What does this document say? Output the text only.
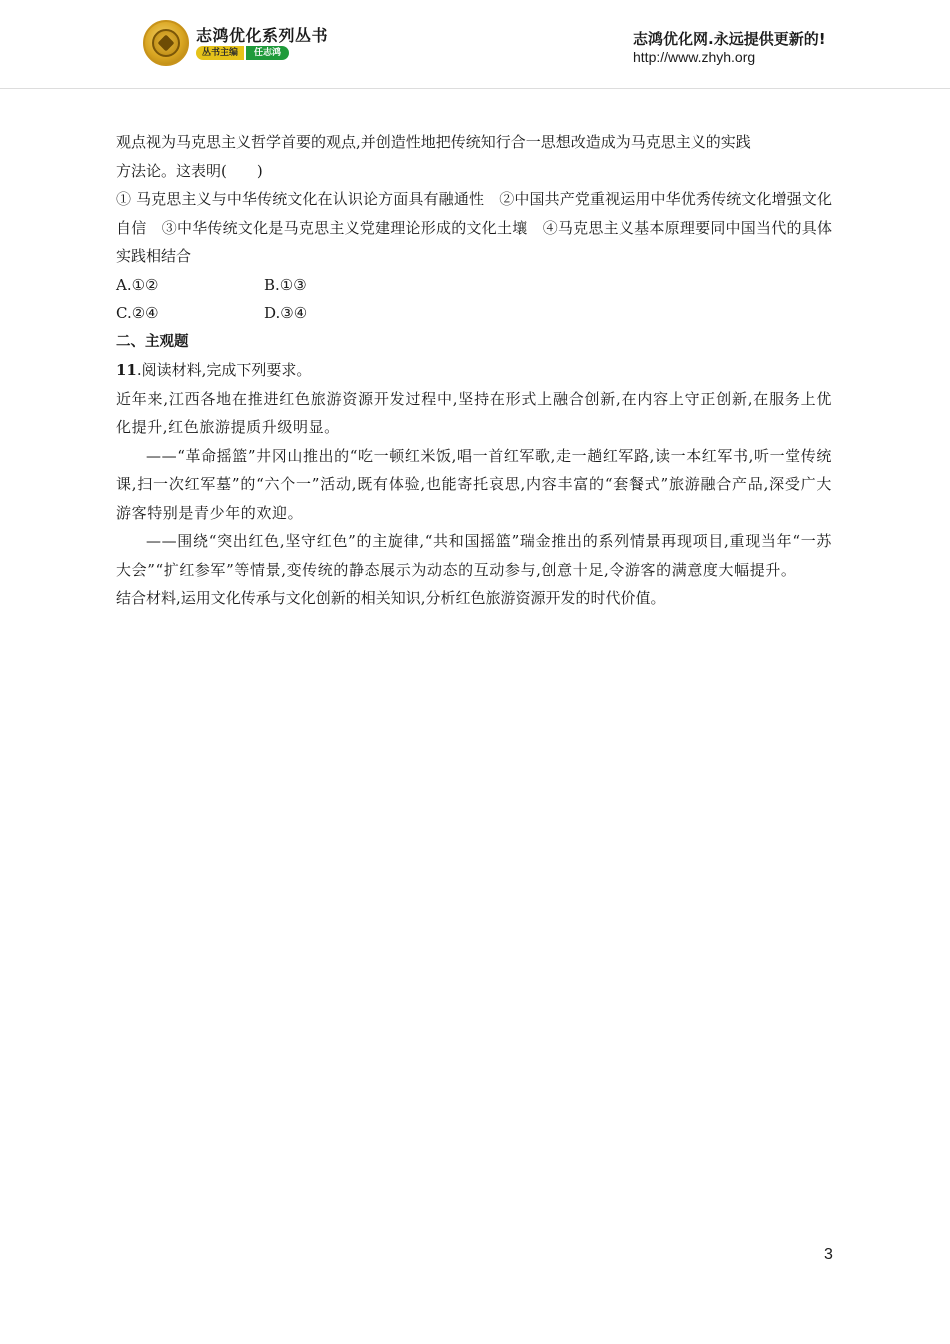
志鸿优化系列丛书
丛书主编	任志鸿
志鸿优化网.永远提供更新的!
http://www.zhyh.org

观点视为马克思主义哲学首要的观点,并创造性地把传统知行合一思想改造成为马克思主义的实践

方法论。这表明(　　)

① 马克思主义与中华传统文化在认识论方面具有融通性　②中国共产党重视运用中华优秀传统文化增强文化自信　③中华传统文化是马克思主义党建理论形成的文化土壤　④马克思主义基本原理要同中国当代的具体实践相结合

A.①②	B.①③
C.②④	D.③④

二、主观题

11.阅读材料,完成下列要求。

近年来,江西各地在推进红色旅游资源开发过程中,坚持在形式上融合创新,在内容上守正创新,在服务上优化提升,红色旅游提质升级明显。

——“革命摇篮”井冈山推出的“吃一顿红米饭,唱一首红军歌,走一趟红军路,读一本红军书,听一堂传统课,扫一次红军墓”的“六个一”活动,既有体验,也能寄托哀思,内容丰富的“套餐式”旅游融合产品,深受广大游客特别是青少年的欢迎。

——围绕“突出红色,坚守红色”的主旋律,“共和国摇篮”瑞金推出的系列情景再现项目,重现当年“一苏大会”“扩红参军”等情景,变传统的静态展示为动态的互动参与,创意十足,令游客的满意度大幅提升。

结合材料,运用文化传承与文化创新的相关知识,分析红色旅游资源开发的时代价值。

3
